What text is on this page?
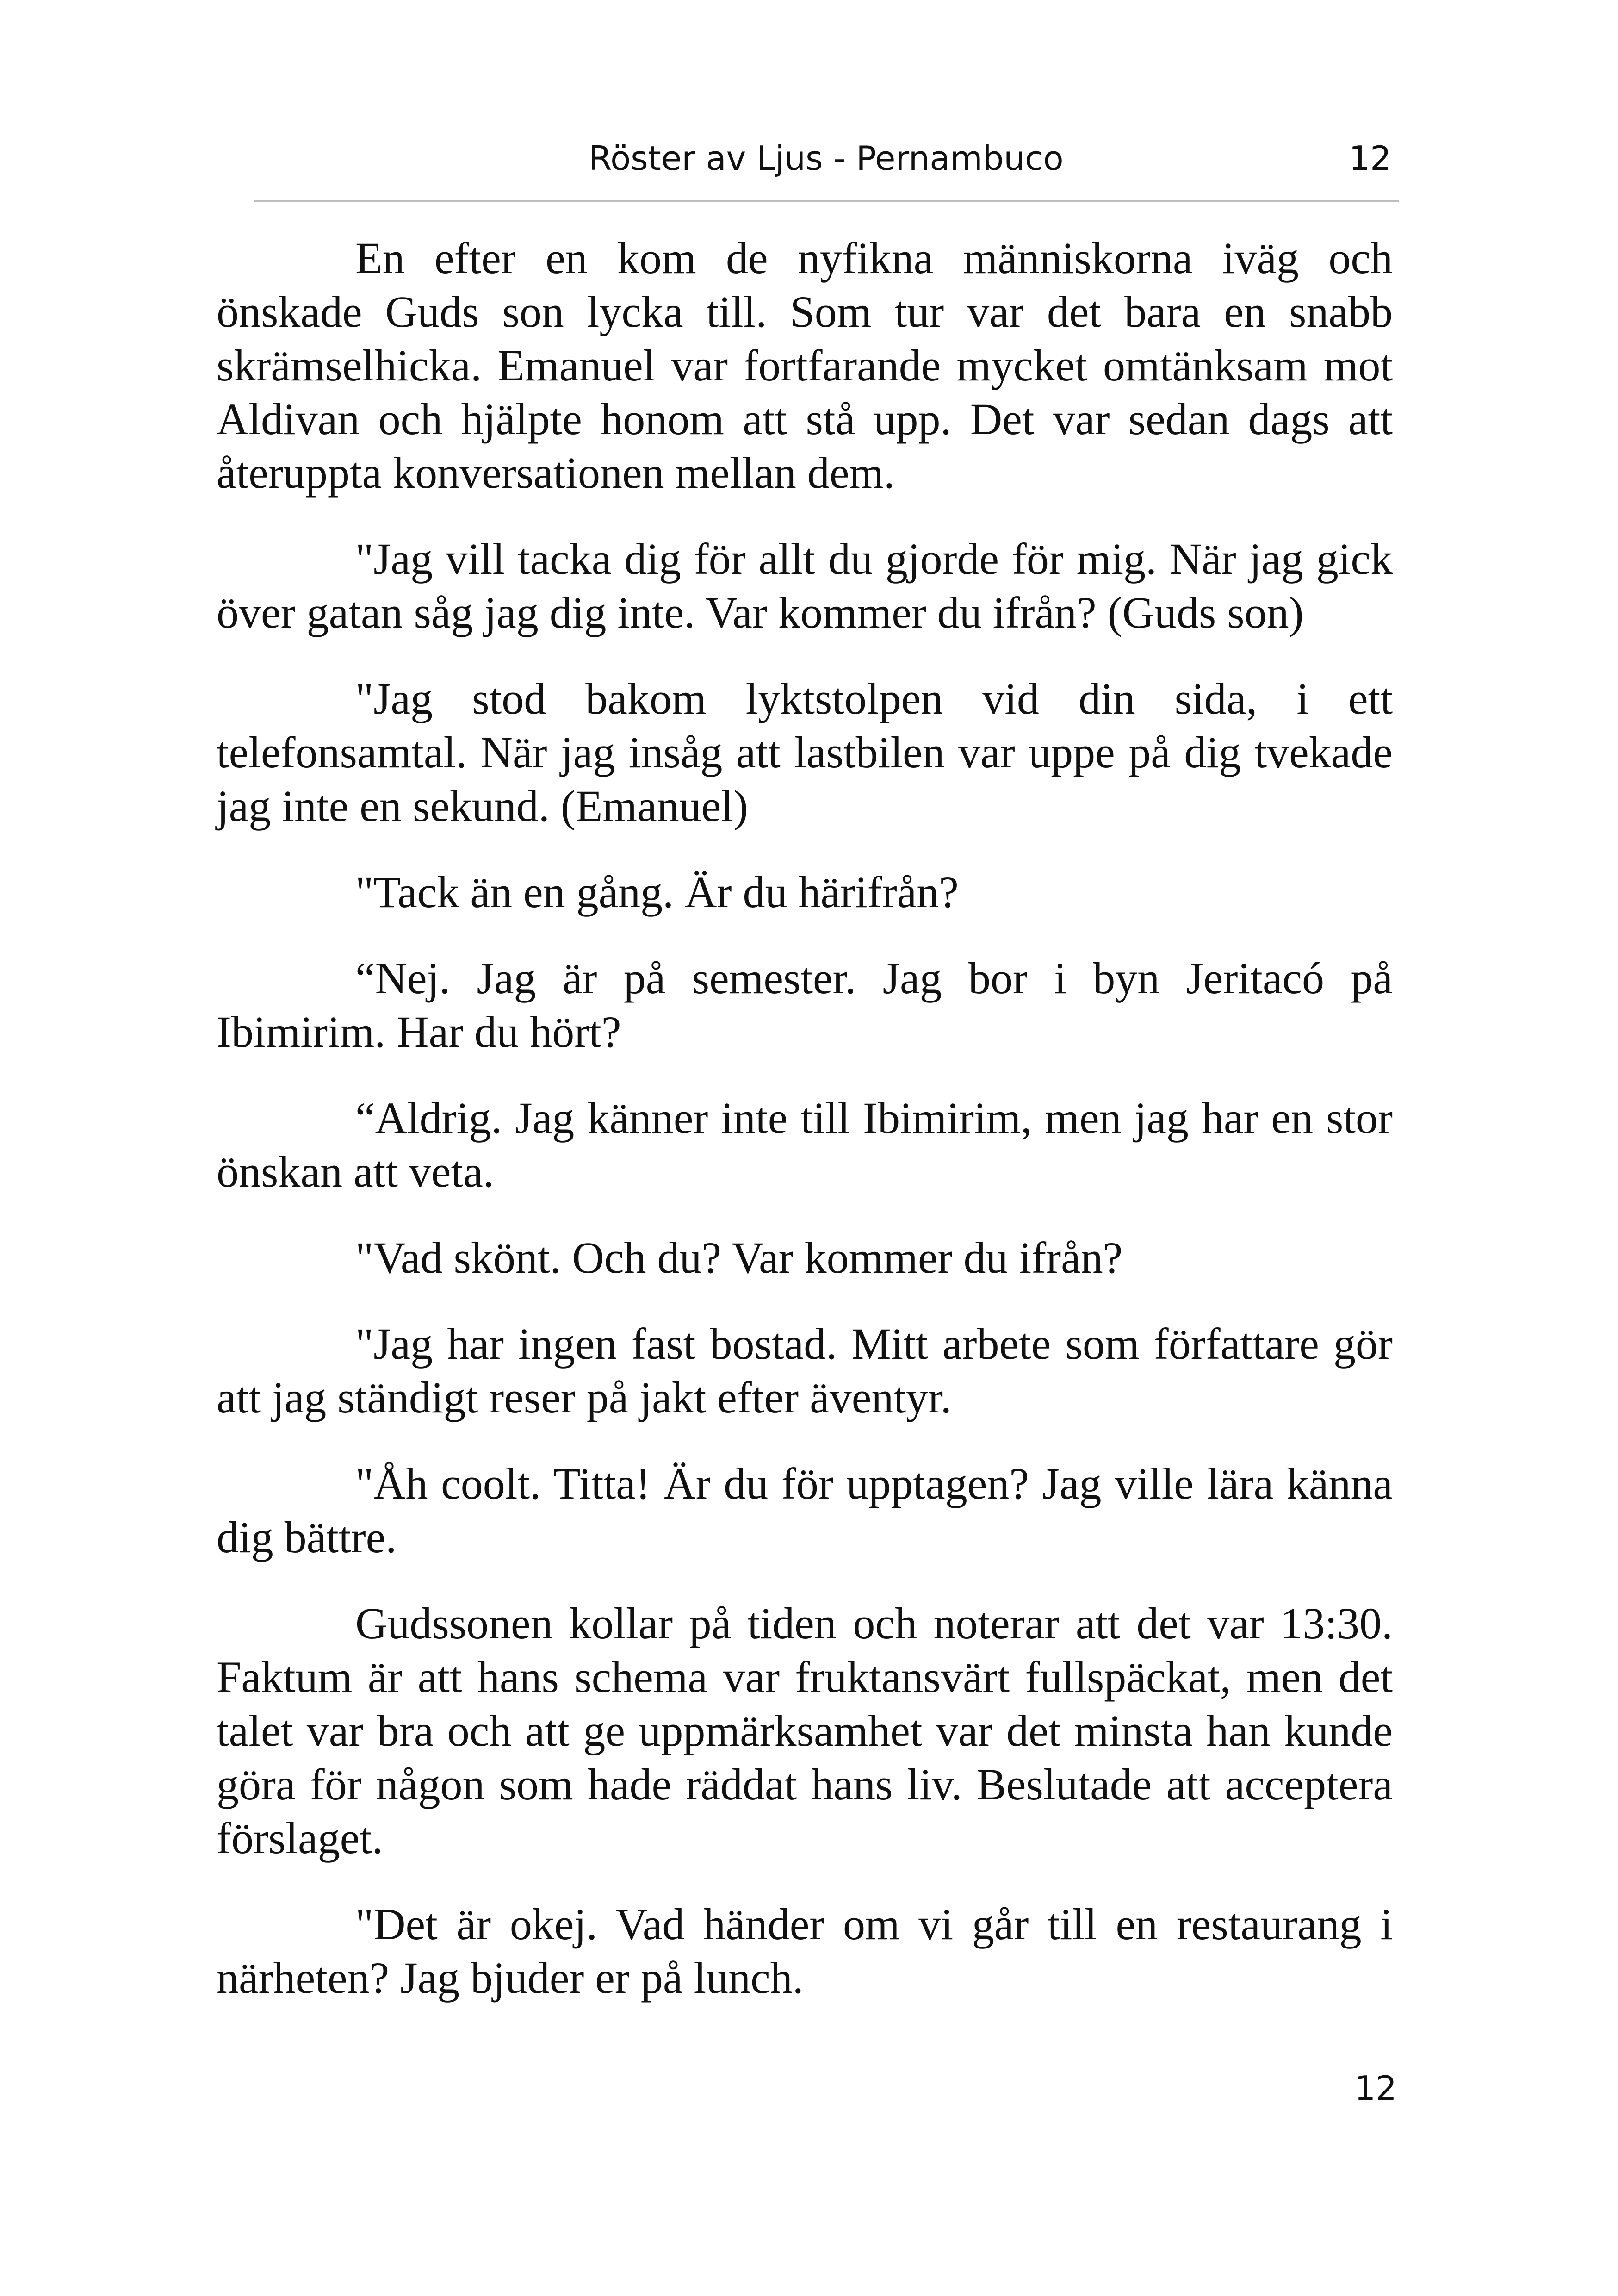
Röster av Ljus - Pernambuco	12

En efter en kom de nyfikna människorna iväg och önskade Guds son lycka till. Som tur var det bara en snabb skrämselhicka. Emanuel var fortfarande mycket omtänksam mot Aldivan och hjälpte honom att stå upp. Det var sedan dags att återuppta konversationen mellan dem.

"Jag vill tacka dig för allt du gjorde för mig. När jag gick över gatan såg jag dig inte. Var kommer du ifrån? (Guds son)

"Jag stod bakom lyktstolpen vid din sida, i ett telefonsamtal. När jag insåg att lastbilen var uppe på dig tvekade jag inte en sekund. (Emanuel)

"Tack än en gång. Är du härifrån?

“Nej. Jag är på semester. Jag bor i byn Jeritacó på Ibimirim. Har du hört?

“Aldrig. Jag känner inte till Ibimirim, men jag har en stor önskan att veta.

"Vad skönt. Och du? Var kommer du ifrån?

"Jag har ingen fast bostad. Mitt arbete som författare gör att jag ständigt reser på jakt efter äventyr.

"Åh coolt. Titta! Är du för upptagen? Jag ville lära känna dig bättre.

Gudssonen kollar på tiden och noterar att det var 13:30. Faktum är att hans schema var fruktansvärt fullspäckat, men det talet var bra och att ge uppmärksamhet var det minsta han kunde göra för någon som hade räddat hans liv. Beslutade att acceptera förslaget.

"Det är okej. Vad händer om vi går till en restaurang i närheten? Jag bjuder er på lunch.

12
